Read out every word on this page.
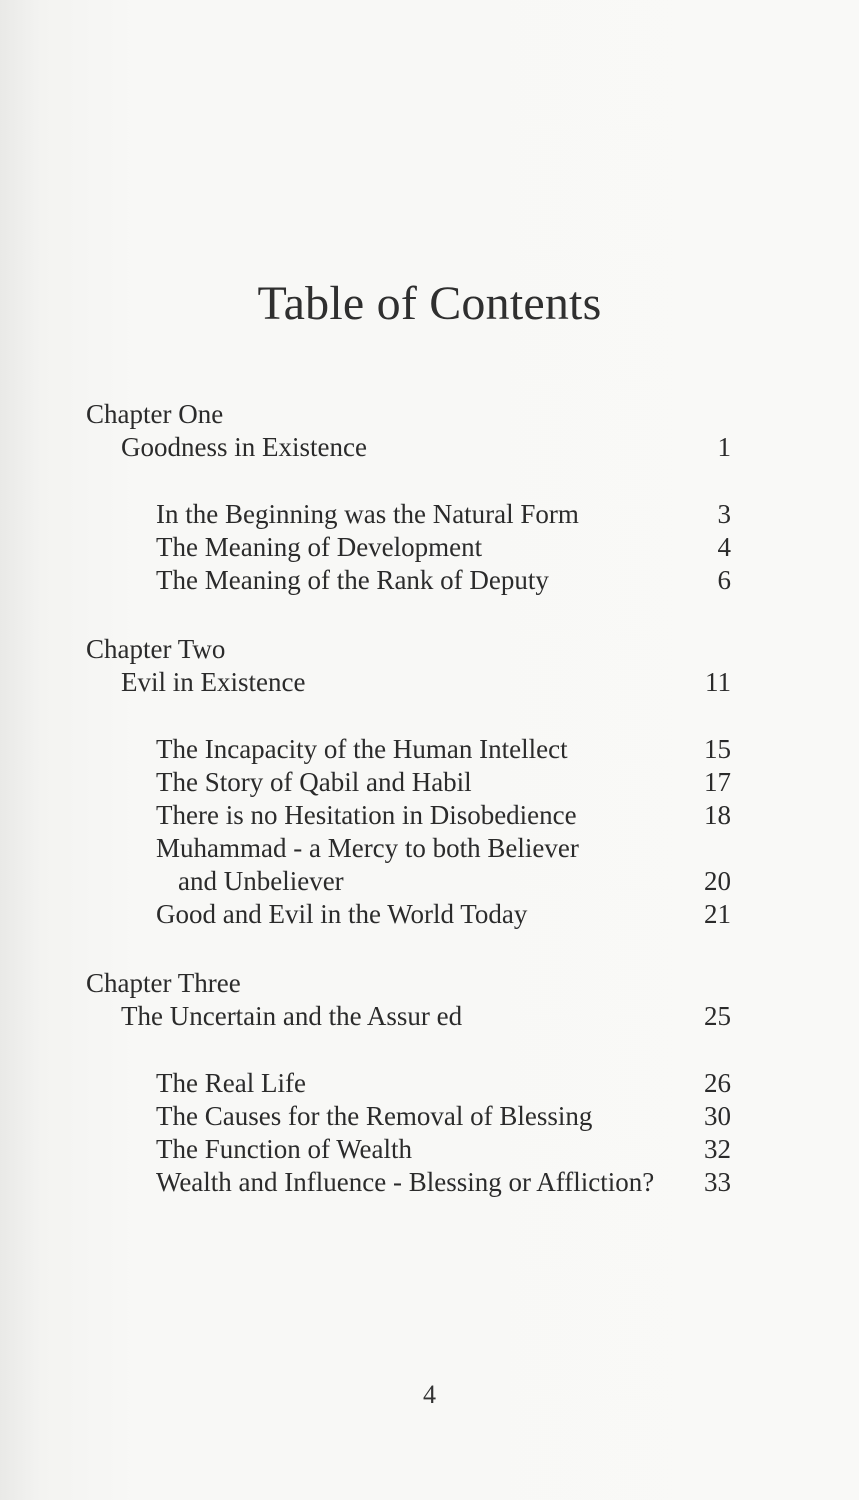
Table of Contents
Chapter One
Goodness in Existence	1
In the Beginning was the Natural Form	3
The Meaning of Development	4
The Meaning of the Rank of Deputy	6
Chapter Two
Evil in Existence	11
The Incapacity of the Human Intellect	15
The Story of Qabil and Habil	17
There is no Hesitation in Disobedience	18
Muhammad - a Mercy to both Believer
and Unbeliever	20
Good and Evil in the World Today	21
Chapter Three
The Uncertain and the Assur ed	25
The Real Life	26
The Causes for the Removal of Blessing	30
The Function of Wealth	32
Wealth and Influence - Blessing or Affliction? 33
4
